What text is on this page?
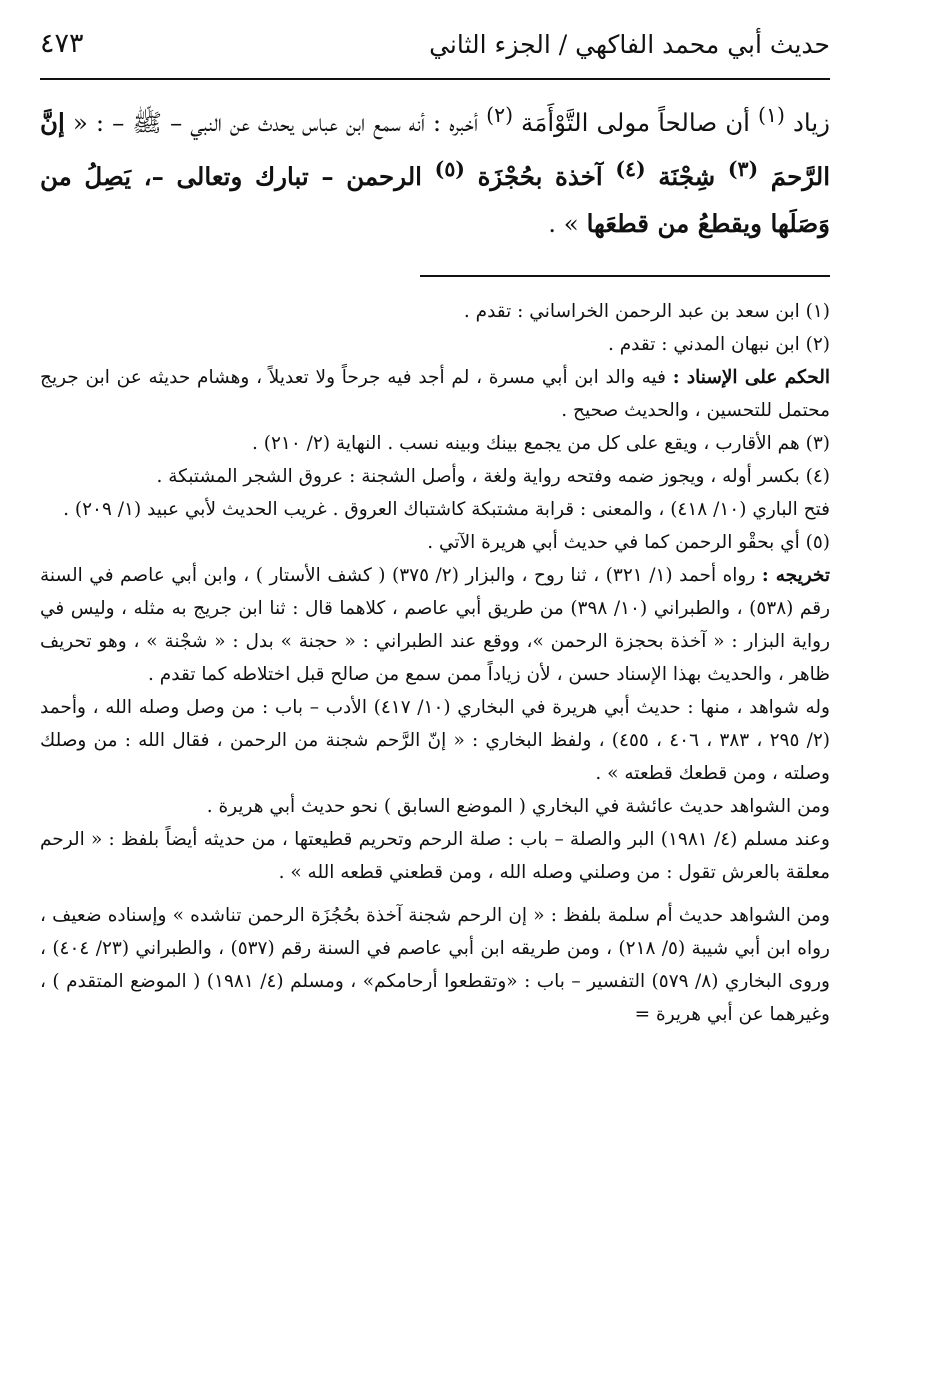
حديث أبي محمد الفاكهي / الجزء الثاني
٤٧٣
زياد $^{(١)}$ أن صالحاً مولى التَّوْأَمَة $^{(٢)}$ أخبره : أنه سمع ابن عباس يحدث عن النبي – ﷺ – : « إنَّ الرَّحمَ $^{(٣)}$ شِجْنَة $^{(٤)}$ آخذة بحُجْزَة $^{(٥)}$ الرحمن – تبارك وتعالى –، يَصِلُ من وَصَلَها ويقطعُ من قطعَها » .
(١) ابن سعد بن عبد الرحمن الخراساني : تقدم .
(٢) ابن نبهان المدني : تقدم .
الحكم على الإسناد : فيه والد ابن أبي مسرة ، لم أجد فيه جرحاً ولا تعديلاً ، وهشام حديثه عن ابن جريج محتمل للتحسين ، والحديث صحيح .
(٣) هم الأقارب ، ويقع على كل من يجمع بينك وبينه نسب . النهاية (٢/ ٢١٠) .
(٤) بكسر أوله ، ويجوز ضمه وفتحه رواية ولغة ، وأصل الشجنة : عروق الشجر المشتبكة .
فتح الباري (١٠/ ٤١٨) ، والمعنى : قرابة مشتبكة كاشتباك العروق . غريب الحديث لأبي عبيد (١/ ٢٠٩) .
(٥) أي بحقْو الرحمن كما في حديث أبي هريرة الآتي .
تخريجه : رواه أحمد (١/ ٣٢١) ، ثنا روح ، والبزار (٢/ ٣٧٥) ( كشف الأستار ) ، وابن أبي عاصم في السنة رقم (٥٣٨) ، والطبراني (١٠/ ٣٩٨) من طريق أبي عاصم ، كلاهما قال : ثنا ابن جريج به مثله ، وليس في رواية البزار : « آخذة بحجزة الرحمن »، ووقع عند الطبراني : « حجنة » بدل : « شجْنة » ، وهو تحريف ظاهر ، والحديث بهذا الإسناد حسن ، لأن زياداً ممن سمع من صالح قبل اختلاطه كما تقدم .
وله شواهد ، منها : حديث أبي هريرة في البخاري (١٠/ ٤١٧) الأدب – باب : من وصل وصله الله ، وأحمد (٢/ ٢٩٥ ، ٣٨٣ ، ٤٠٦ ، ٤٥٥) ، ولفظ البخاري : « إنّ الرَّحم شجنة من الرحمن ، فقال الله : من وصلك وصلته ، ومن قطعك قطعته » .
ومن الشواهد حديث عائشة في البخاري ( الموضع السابق ) نحو حديث أبي هريرة .
وعند مسلم (٤/ ١٩٨١) البر والصلة – باب : صلة الرحم وتحريم قطيعتها ، من حديثه أيضاً بلفظ : « الرحم معلقة بالعرش تقول : من وصلني وصله الله ، ومن قطعني قطعه الله » .
ومن الشواهد حديث أم سلمة بلفظ : « إن الرحم شجنة آخذة بحُجُزَة الرحمن تناشده » وإسناده ضعيف ، رواه ابن أبي شيبة (٥/ ٢١٨) ، ومن طريقه ابن أبي عاصم في السنة رقم (٥٣٧) ، والطبراني (٢٣/ ٤٠٤) ، وروى البخاري (٨/ ٥٧٩) التفسير – باب : «وتقطعوا أرحامكم» ، ومسلم (٤/ ١٩٨١) ( الموضع المتقدم ) ، وغيرهما عن أبي هريرة =
